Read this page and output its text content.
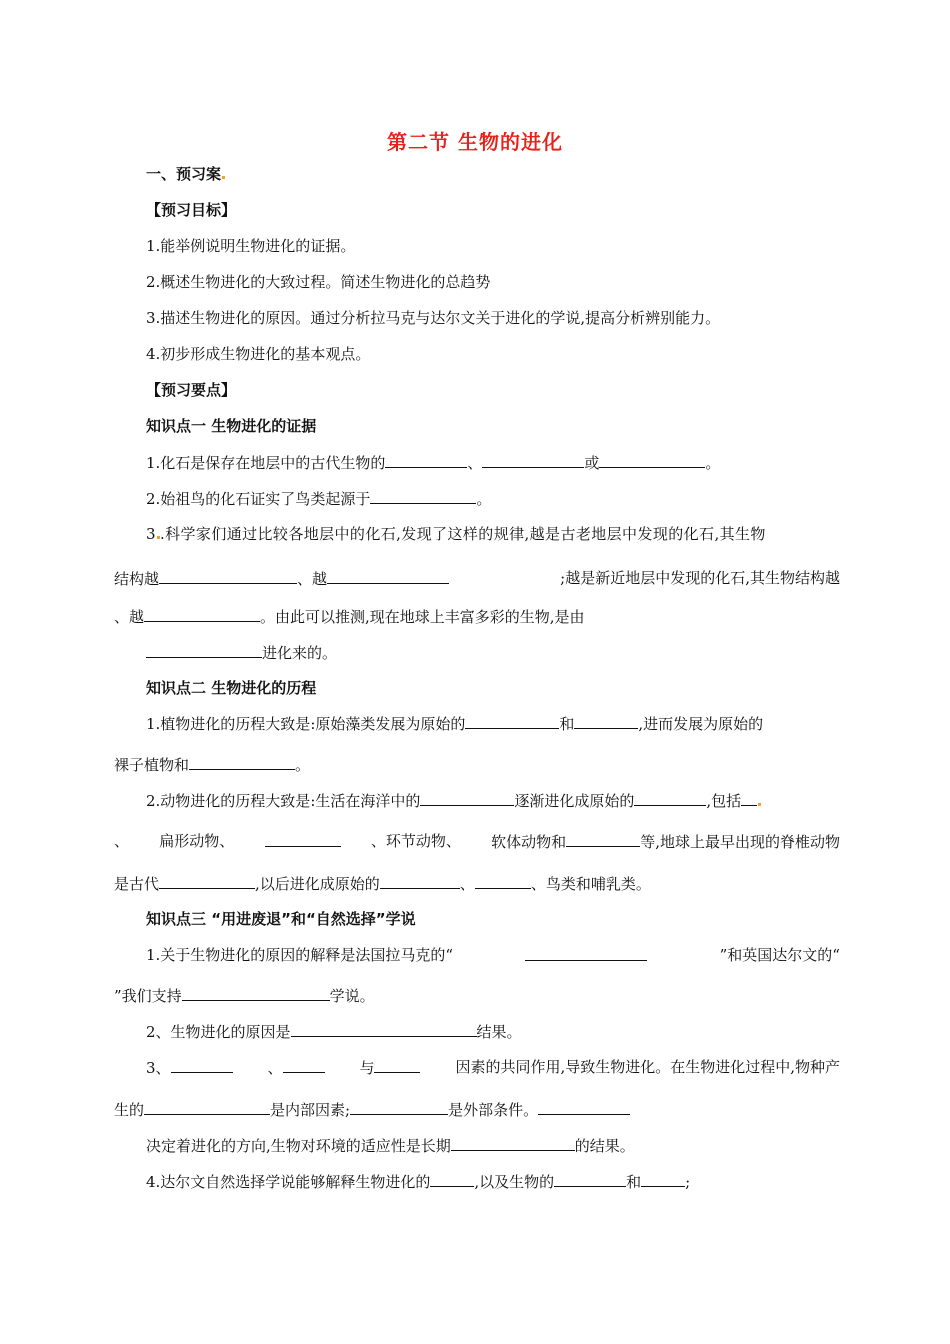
第二节 生物的进化
一、预习案
【预习目标】
1.能举例说明生物进化的证据。
2.概述生物进化的大致过程。简述生物进化的总趋势
3.描述生物进化的原因。通过分析拉马克与达尔文关于进化的学说,提高分析辨别能力。
4.初步形成生物进化的基本观点。
【预习要点】
知识点一 生物进化的证据
1.化石是保存在地层中的古代生物的	、	或	。
2.始祖鸟的化石证实了鸟类起源于	。
3 .科学家们通过比较各地层中的化石,发现了这样的规律,越是古老地层中发现的化石,其生物
结构越	、越	;越是新近地层中发现的化石,其生物结构越
、越	。由此可以推测,现在地球上丰富多彩的生物,是由
进化来的。
知识点二 生物进化的历程
1.植物进化的历程大致是:原始藻类发展为原始的	和	,进而发展为原始的
裸子植物和	。
2.动物进化的历程大致是:生活在海洋中的	逐渐进化成原始的	,包括
、 扁形动物、	、环节动物、 软体动物和	等,地球上最早出现的脊椎动物
是古代	,以后进化成原始的	、	、鸟类和哺乳类。
知识点三 “用进废退”和“自然选择”学说
1.关于生物进化的原因的解释是法国拉马克的“	”和英国达尔文的“
”我们支持	学说。
2、生物进化的原因是	结果。
3、	、	与	因素的共同作用,导致生物进化。在生物进化过程中,物种产
生的	是内部因素;	是外部条件。
决定着进化的方向,生物对环境的适应性是长期	的结果。
4.达尔文自然选择学说能够解释生物进化的	,以及生物的	和	;
